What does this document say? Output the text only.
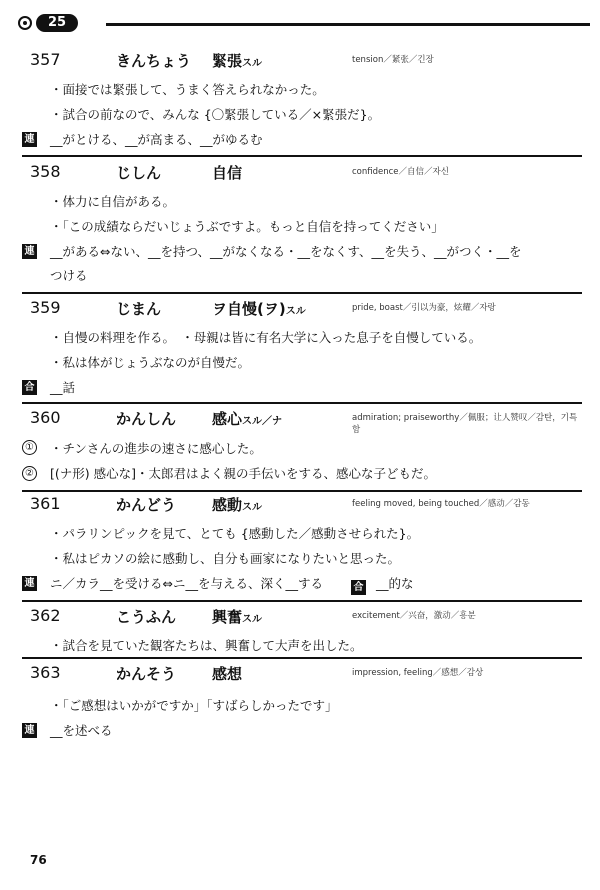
25
357	きんちょう 緊張スル	tension／紧张／긴장
・面接では緊張して、うまく答えられなかった。
・試合の前なので、みんな {〇緊張している／×緊張だ}。
連 __がとける、__が高まる、__がゆるむ
358	じしん	自信	confidence／自信／자신
・体力に自信がある。
・「この成績ならだいじょうぶですよ。もっと自信を持ってください」
連 __がある⇔ない、__を持つ、__がなくなる・__をなくす、__を失う、__がつく・__を
つける
359	じまん	ヲ自慢(ヲ)スル	pride, boast／引以为豪，炫耀／자랑
・自慢の料理を作る。　・母親は皆に有名大学に入った息子を自慢している。
・私は体がじょうぶなのが自慢だ。
合 __話
360	かんしん 感心スル／ナ	admiration; praiseworthy／佩服；让人赞叹／감탄，기특함
① ・チンさんの進歩の速さに感心した。
② [(ナ形) 感心な]・太郎君はよく親の手伝いをする、感心な子どもだ。
361	かんどう 感動スル	feeling moved, being touched／感动／감동
・パラリンピックを見て、とても {感動した／感動させられた}。
・私はピカソの絵に感動し、自分も画家になりたいと思った。
連 ニ／カラ__を受ける⇔ニ__を与える、深く__する	合 __的な
362	こうふん 興奮スル	excitement／兴奋，激动／흥분
・試合を見ていた観客たちは、興奮して大声を出した。
363	かんそう 感想	impression, feeling／感想／감상
・「ご感想はいかがですか」「すばらしかったです」
連 __を述べる
76
